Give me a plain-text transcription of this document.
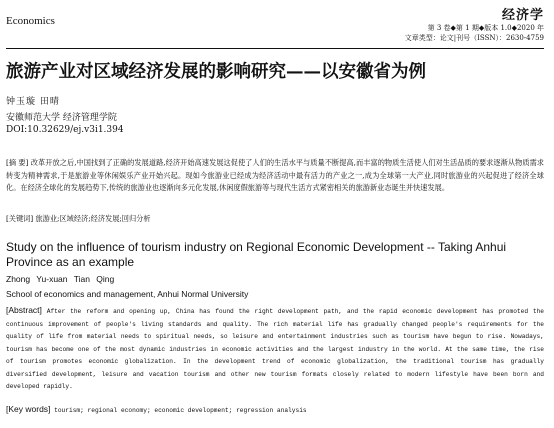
Economics	经济学
第 3 卷◆第 1 期◆版本 1.0◆2020 年
文章类型：论文|刊号（ISSN）：2630-4759
旅游产业对区域经济发展的影响研究——以安徽省为例
钟玉璇 田晴
安徽师范大学 经济管理学院
DOI:10.32629/ej.v3i1.394
[摘 要] 改革开放之后,中国找到了正确的发展道路,经济开始高速发展这促使了人们的生活水平与质量不断提高,而丰富的物质生活使人们对生活品质的要求逐渐从物质需求转变为精神需求,于是旅游业等休闲娱乐产业开始兴起。现如今旅游业已经成为经济活动中最有活力的产业之一,成为全球第一大产业,同时旅游业的兴起促进了经济全球化。在经济全球化的发展趋势下,传统的旅游业也逐渐向多元化发展,休闲度假旅游等与现代生活方式紧密相关的旅游新业态诞生并快速发展。
[关键词] 旅游业;区域经济;经济发展;回归分析
Study on the influence of tourism industry on Regional Economic Development -- Taking Anhui Province as an example
Zhong Yu-xuan Tian Qing
School of economics and management, Anhui Normal University
[Abstract] After the reform and opening up, China has found the right development path, and the rapid economic development has promoted the continuous improvement of people's living standards and quality. The rich material life has gradually changed people's requirements for the quality of life from material needs to spiritual needs, so leisure and entertainment industries such as tourism have begun to rise. Nowadays, tourism has become one of the most dynamic industries in economic activities and the largest industry in the world. At the same time, the rise of tourism promotes economic globalization. In the development trend of economic globalization, the traditional tourism has gradually diversified development, leisure and vacation tourism and other new tourism formats closely related to modern lifestyle have been born and developed rapidly.
[Key words] tourism; regional economy; economic development; regression analysis
